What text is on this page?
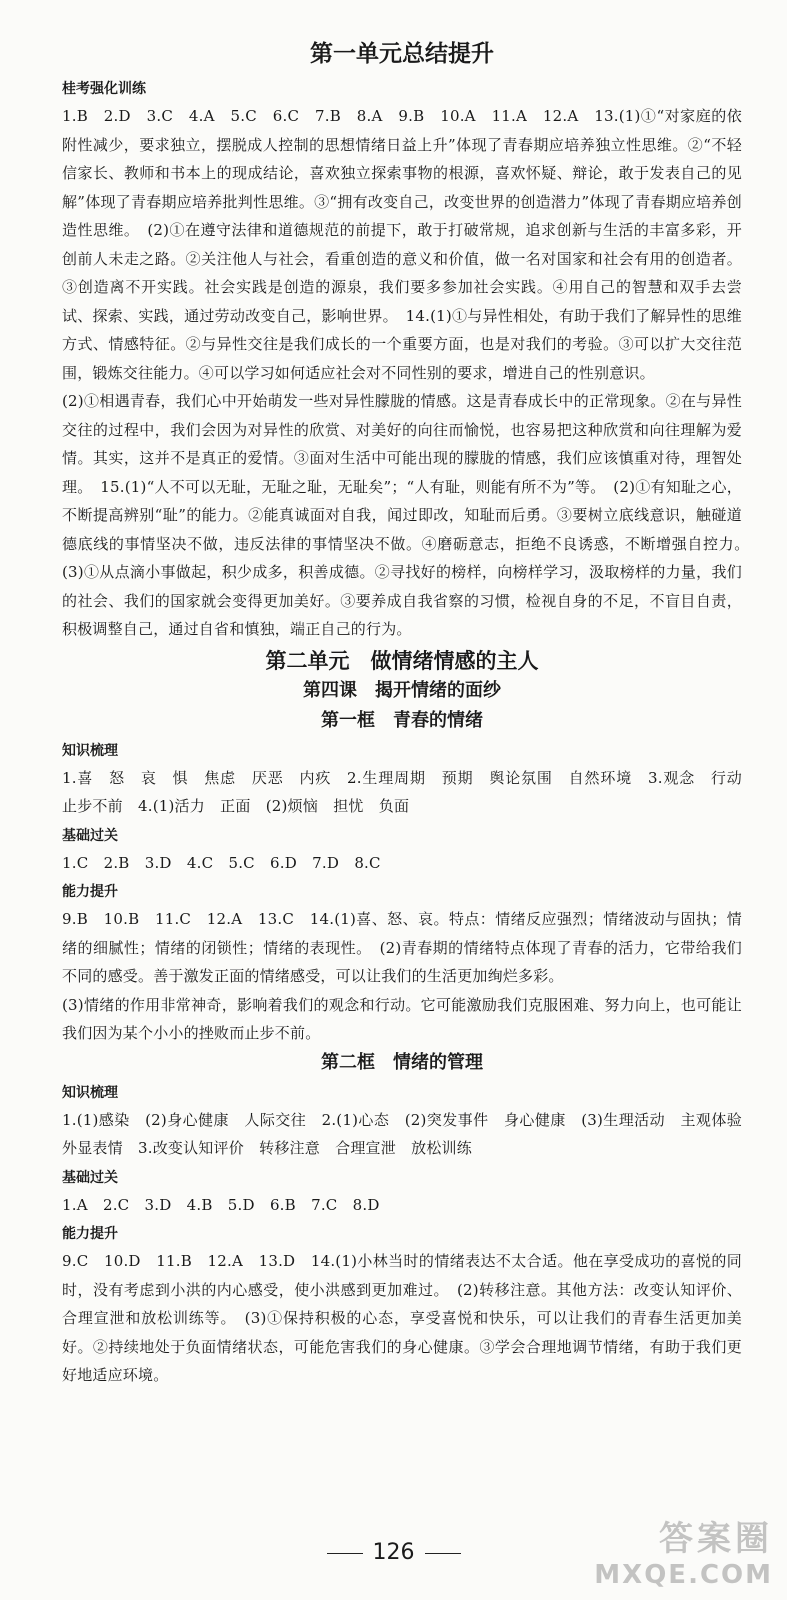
第一单元总结提升
桂考强化训练

1.B　2.D　3.C　4.A　5.C　6.C　7.B　8.A　9.B　10.A　11.A　12.A　13.(1)①“对家庭的依附性减少，要求独立，摆脱成人控制的思想情绪日益上升”体现了青春期应培养独立性思维。②“不轻信家长、教师和书本上的现成结论，喜欢独立探索事物的根源，喜欢怀疑、辩论，敢于发表自己的见解”体现了青春期应培养批判性思维。③“拥有改变自己，改变世界的创造潜力”体现了青春期应培养创造性思维。　(2)①在遵守法律和道德规范的前提下，敢于打破常规，追求创新与生活的丰富多彩，开创前人未走之路。②关注他人与社会，看重创造的意义和价值，做一名对国家和社会有用的创造者。③创造离不开实践。社会实践是创造的源泉，我们要多参加社会实践。④用自己的智慧和双手去尝试、探索、实践，通过劳动改变自己，影响世界。　14.(1)①与异性相处，有助于我们了解异性的思维方式、情感特征。②与异性交往是我们成长的一个重要方面，也是对我们的考验。③可以扩大交往范围，锻炼交往能力。④可以学习如何适应社会对不同性别的要求，增进自己的性别意识。

(2)①相遇青春，我们心中开始萌发一些对异性朦胧的情感。这是青春成长中的正常现象。②在与异性交往的过程中，我们会因为对异性的欣赏、对美好的向往而愉悦，也容易把这种欣赏和向往理解为爱情。其实，这并不是真正的爱情。③面对生活中可能出现的朦胧的情感，我们应该慎重对待，理智处理。　15.(1)“人不可以无耻，无耻之耻，无耻矣”；“人有耻，则能有所不为”等。　(2)①有知耻之心，不断提高辨别“耻”的能力。②能真诚面对自我，闻过即改，知耻而后勇。③要树立底线意识，触碰道德底线的事情坚决不做，违反法律的事情坚决不做。④磨砺意志，拒绝不良诱惑，不断增强自控力。　(3)①从点滴小事做起，积少成多，积善成德。②寻找好的榜样，向榜样学习，汲取榜样的力量，我们的社会、我们的国家就会变得更加美好。③要养成自我省察的习惯，检视自身的不足，不盲目自责，积极调整自己，通过自省和慎独，端正自己的行为。

第二单元　做情绪情感的主人
第四课　揭开情绪的面纱
第一框　青春的情绪
知识梳理

1.喜　怒　哀　惧　焦虑　厌恶　内疚　2.生理周期　预期　舆论氛围　自然环境　3.观念　行动　止步不前　4.(1)活力　正面　(2)烦恼　担忧　负面

基础过关

1.C　2.B　3.D　4.C　5.C　6.D　7.D　8.C

能力提升

9.B　10.B　11.C　12.A　13.C　14.(1)喜、怒、哀。特点：情绪反应强烈；情绪波动与固执；情绪的细腻性；情绪的闭锁性；情绪的表现性。　(2)青春期的情绪特点体现了青春的活力，它带给我们不同的感受。善于激发正面的情绪感受，可以让我们的生活更加绚烂多彩。

(3)情绪的作用非常神奇，影响着我们的观念和行动。它可能激励我们克服困难、努力向上，也可能让我们因为某个小小的挫败而止步不前。

第二框　情绪的管理
知识梳理

1.(1)感染　(2)身心健康　人际交往　2.(1)心态　(2)突发事件　身心健康　(3)生理活动　主观体验　外显表情　3.改变认知评价　转移注意　合理宣泄　放松训练

基础过关

1.A　2.C　3.D　4.B　5.D　6.B　7.C　8.D

能力提升

9.C　10.D　11.B　12.A　13.D　14.(1)小林当时的情绪表达不太合适。他在享受成功的喜悦的同时，没有考虑到小洪的内心感受，使小洪感到更加难过。　(2)转移注意。其他方法：改变认知评价、合理宣泄和放松训练等。　(3)①保持积极的心态，享受喜悦和快乐，可以让我们的青春生活更加美好。②持续地处于负面情绪状态，可能危害我们的身心健康。③学会合理地调节情绪，有助于我们更好地适应环境。

126	答案圈
MXQE.COM
